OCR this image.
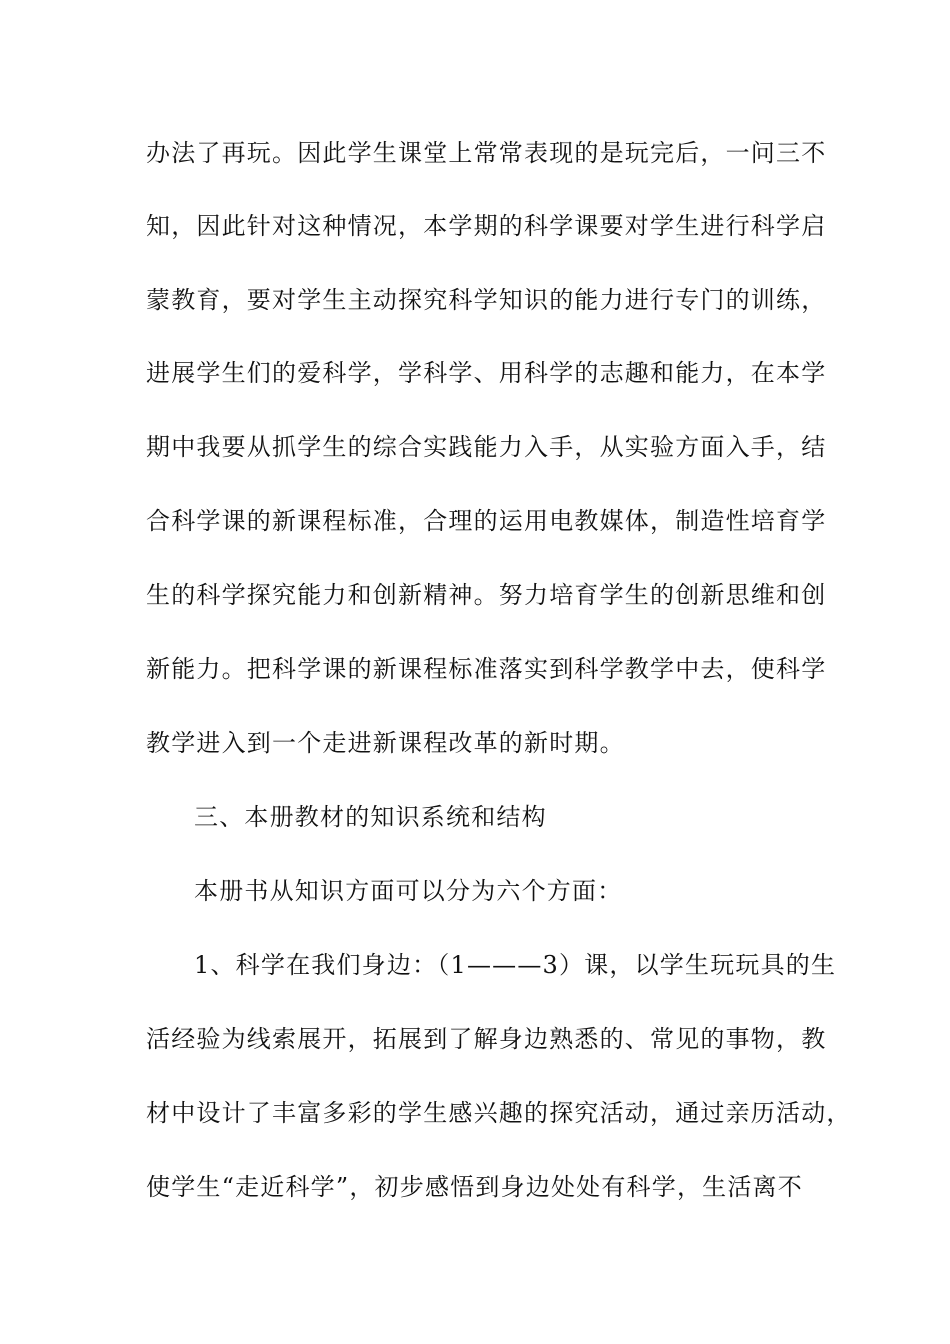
办法了再玩。因此学生课堂上常常表现的是玩完后，一问三不
知，因此针对这种情况，本学期的科学课要对学生进行科学启
蒙教育，要对学生主动探究科学知识的能力进行专门的训练，
进展学生们的爱科学，学科学、用科学的志趣和能力，在本学
期中我要从抓学生的综合实践能力入手，从实验方面入手，结
合科学课的新课程标准，合理的运用电教媒体，制造性培育学
生的科学探究能力和创新精神。努力培育学生的创新思维和创
新能力。把科学课的新课程标准落实到科学教学中去，使科学
教学进入到一个走进新课程改革的新时期。
三、本册教材的知识系统和结构
本册书从知识方面可以分为六个方面：
1、科学在我们身边：（1———3）课，以学生玩玩具的生
活经验为线索展开，拓展到了解身边熟悉的、常见的事物，教
材中设计了丰富多彩的学生感兴趣的探究活动，通过亲历活动，
使学生“走近科学”，初步感悟到身边处处有科学，生活离不
